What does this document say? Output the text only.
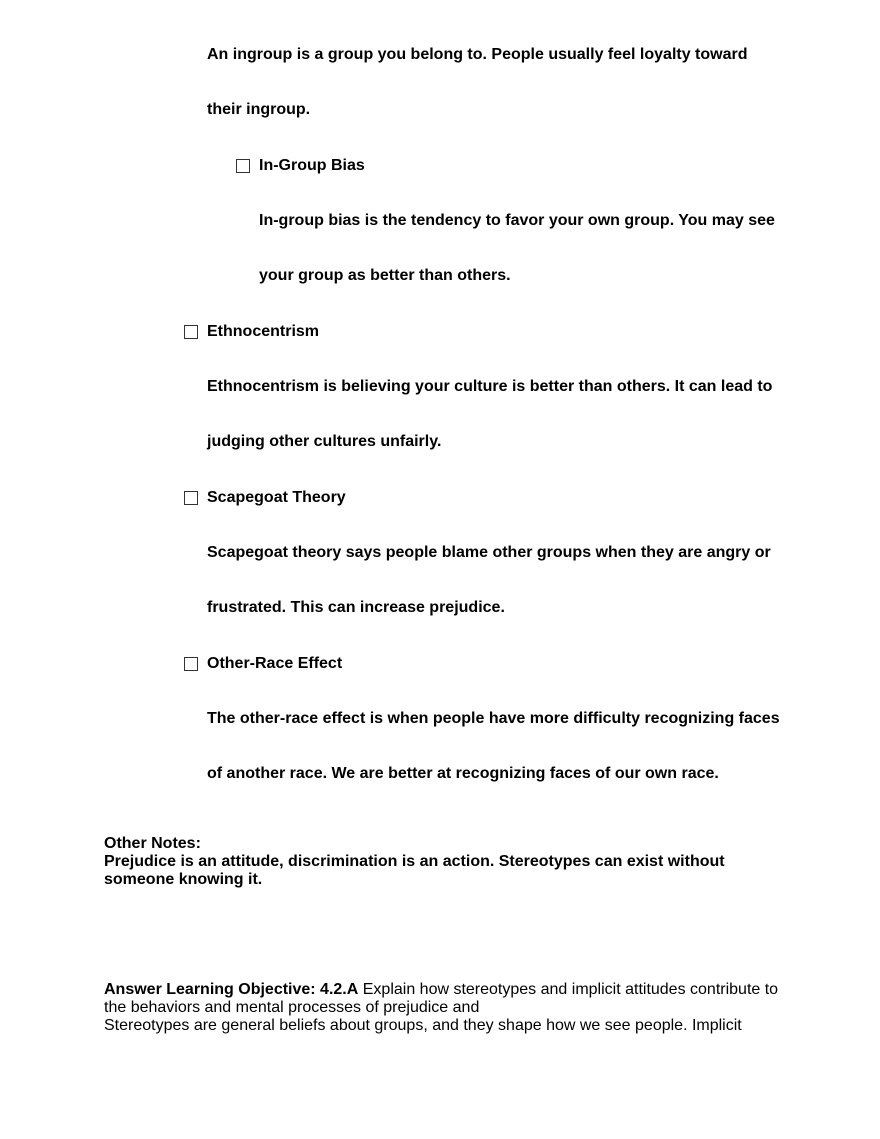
An ingroup is a group you belong to. People usually feel loyalty toward
their ingroup.
In-Group Bias
In-group bias is the tendency to favor your own group. You may see
your group as better than others.
Ethnocentrism
Ethnocentrism is believing your culture is better than others. It can lead to
judging other cultures unfairly.
Scapegoat Theory
Scapegoat theory says people blame other groups when they are angry or
frustrated. This can increase prejudice.
Other-Race Effect
The other-race effect is when people have more difficulty recognizing faces
of another race. We are better at recognizing faces of our own race.
Other Notes:
Prejudice is an attitude, discrimination is an action. Stereotypes can exist without someone knowing it.
Answer Learning Objective: 4.2.A Explain how stereotypes and implicit attitudes contribute to the behaviors and mental processes of prejudice and
Stereotypes are general beliefs about groups, and they shape how we see people. Implicit
